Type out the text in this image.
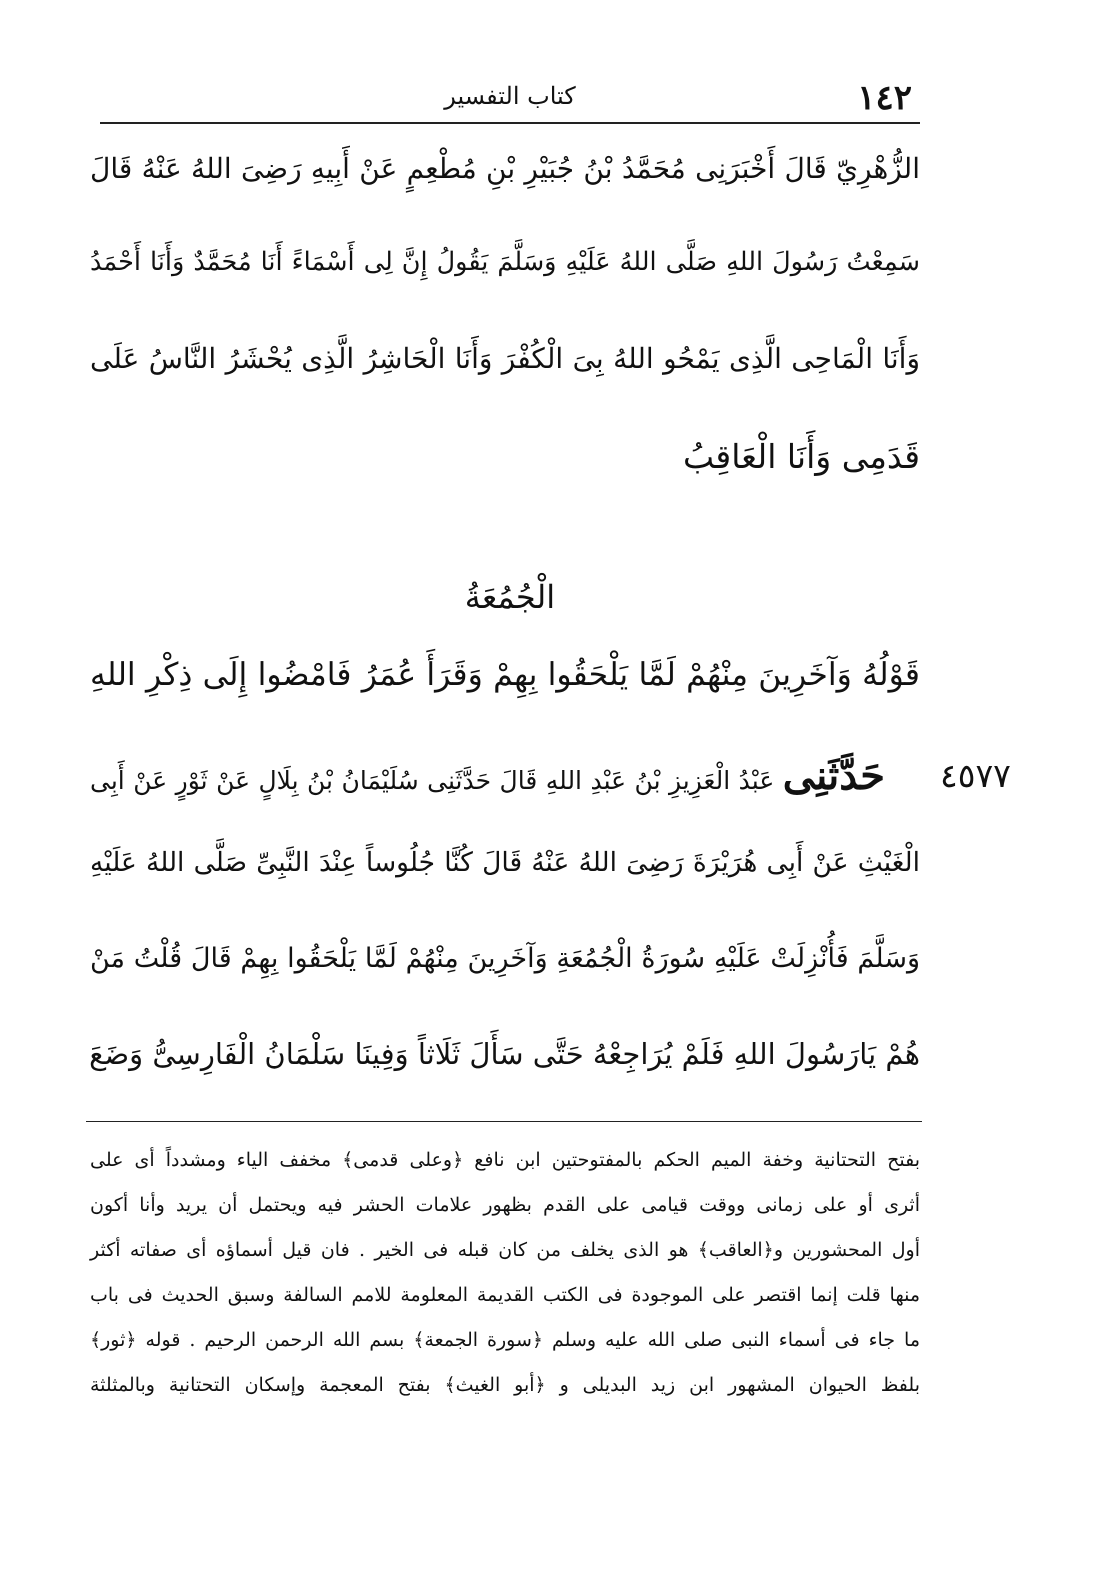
١٤٢
كتاب التفسير
الزُّهْرِيّ قَالَ أَخْبَرَنِى مُحَمَّدُ بْنُ جُبَيْرِ بْنِ مُطْعِمٍ عَنْ أَبِيهِ رَضِىَ اللهُ عَنْهُ قَالَ
سَمِعْتُ رَسُولَ اللهِ صَلَّى اللهُ عَلَيْهِ وَسَلَّمَ يَقُولُ إِنَّ لِى أَسْمَاءً أَنَا مُحَمَّدٌ وَأَنَا أَحْمَدُ
وَأَنَا الْمَاحِى الَّذِى يَمْحُو اللهُ بِىَ الْكُفْرَ وَأَنَا الْحَاشِرُ الَّذِى يُحْشَرُ النَّاسُ عَلَى
قَدَمِى وَأَنَا الْعَاقِبُ
الْجُمُعَةُ
قَوْلُهُ وَآخَرِينَ مِنْهُمْ لَمَّا يَلْحَقُوا بِهِمْ وَقَرَأَ عُمَرُ فَامْضُوا إِلَى ذِكْرِ اللهِ
٤٥٧٧
حَدَّثَنِى عَبْدُ الْعَزِيزِ بْنُ عَبْدِ اللهِ قَالَ حَدَّثَنِى سُلَيْمَانُ بْنُ بِلَالٍ عَنْ ثَوْرٍ عَنْ أَبِى
الْغَيْثِ عَنْ أَبِى هُرَيْرَةَ رَضِىَ اللهُ عَنْهُ قَالَ كُنَّا جُلُوساً عِنْدَ النَّبِىِّ صَلَّى اللهُ عَلَيْهِ
وَسَلَّمَ فَأُنْزِلَتْ عَلَيْهِ سُورَةُ الْجُمُعَةِ وَآخَرِينَ مِنْهُمْ لَمَّا يَلْحَقُوا بِهِمْ قَالَ قُلْتُ مَنْ
هُمْ يَارَسُولَ اللهِ فَلَمْ يُرَاجِعْهُ حَتَّى سَأَلَ ثَلَاثاً وَفِينَا سَلْمَانُ الْفَارِسِىُّ وَضَعَ
بفتح التحتانية وخفة الميم الحكم بالمفتوحتين ابن نافع ﴿وعلى قدمى﴾ مخفف الياء ومشدداً أى على
أثرى أو على زمانى ووقت قيامى على القدم بظهور علامات الحشر فيه ويحتمل أن يريد وأنا أكون
أول المحشورين و﴿العاقب﴾ هو الذى يخلف من كان قبله فى الخير . فان قيل أسماؤه أى صفاته أكثر
منها قلت إنما اقتصر على الموجودة فى الكتب القديمة المعلومة للامم السالفة وسبق الحديث فى باب
ما جاء فى أسماء النبى صلى الله عليه وسلم ﴿سورة الجمعة﴾ بسم الله الرحمن الرحيم . قوله ﴿ثور﴾
بلفظ الحيوان المشهور ابن زيد البديلى و ﴿أبو الغيث﴾ بفتح المعجمة وإسكان التحتانية وبالمثلثة
